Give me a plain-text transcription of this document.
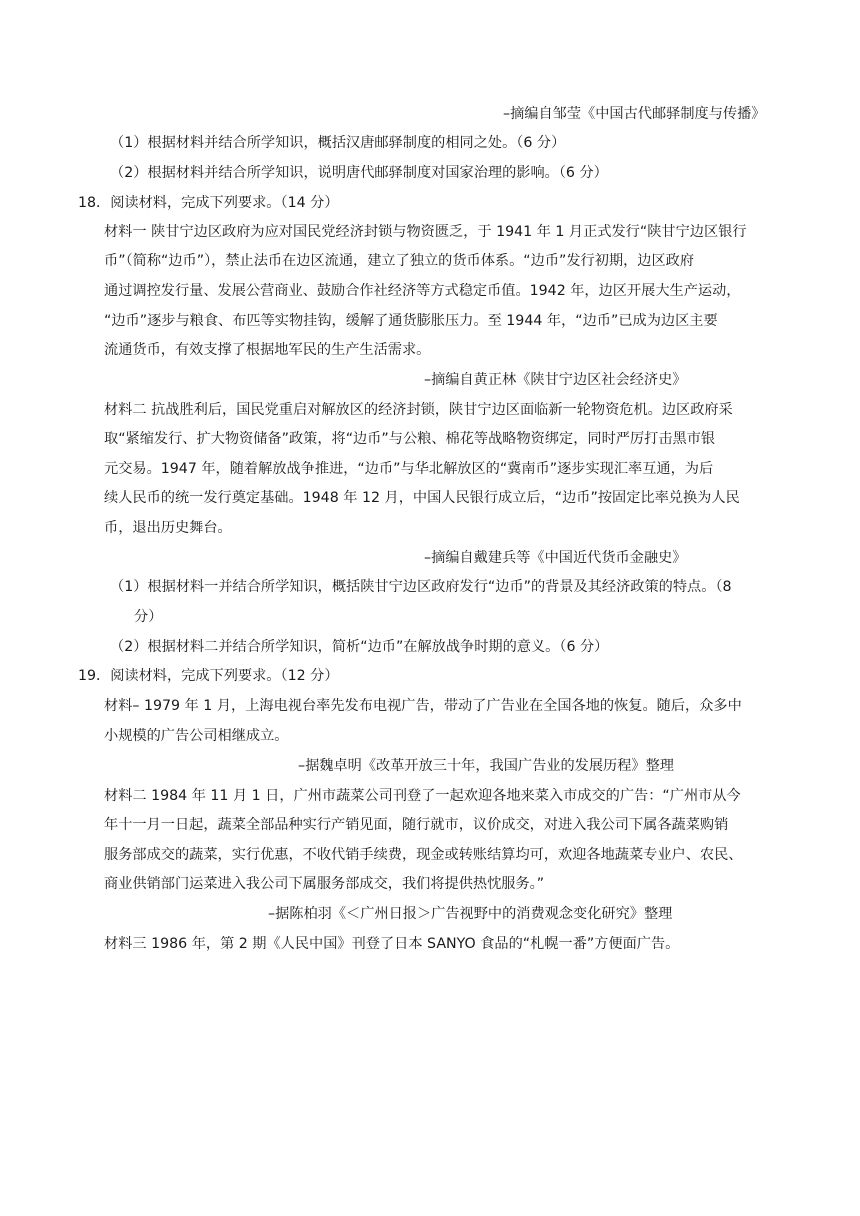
–摘编自邹莹《中国古代邮驿制度与传播》
（1）根据材料并结合所学知识，概括汉唐邮驿制度的相同之处。（6 分）
（2）根据材料并结合所学知识，说明唐代邮驿制度对国家治理的影响。（6 分）
18．阅读材料，完成下列要求。（14 分）
材料一 陕甘宁边区政府为应对国民党经济封锁与物资匮乏，于 1941 年 1 月正式发行“陕甘宁边区银行
币”（简称“边币”），禁止法币在边区流通，建立了独立的货币体系。“边币”发行初期，边区政府
通过调控发行量、发展公营商业、鼓励合作社经济等方式稳定币值。1942 年，边区开展大生产运动，
“边币”逐步与粮食、布匹等实物挂钩，缓解了通货膨胀压力。至 1944 年，“边币”已成为边区主要
流通货币，有效支撑了根据地军民的生产生活需求。
–摘编自黄正林《陕甘宁边区社会经济史》
材料二 抗战胜利后，国民党重启对解放区的经济封锁，陕甘宁边区面临新一轮物资危机。边区政府采
取“紧缩发行、扩大物资储备”政策，将“边币”与公粮、棉花等战略物资绑定，同时严厉打击黑市银
元交易。1947 年，随着解放战争推进，“边币”与华北解放区的“冀南币”逐步实现汇率互通，为后
续人民币的统一发行奠定基础。1948 年 12 月，中国人民银行成立后，“边币”按固定比率兑换为人民
币，退出历史舞台。
–摘编自戴建兵等《中国近代货币金融史》
（1）根据材料一并结合所学知识，概括陕甘宁边区政府发行“边币”的背景及其经济政策的特点。（8
分）
（2）根据材料二并结合所学知识，简析“边币”在解放战争时期的意义。（6 分）
19．阅读材料，完成下列要求。（12 分）
材料– 1979 年 1 月，上海电视台率先发布电视广告，带动了广告业在全国各地的恢复。随后，众多中
小规模的广告公司相继成立。
–据魏卓明《改革开放三十年，我国广告业的发展历程》整理
材料二 1984 年 11 月 1 日，广州市蔬菜公司刊登了一起欢迎各地来菜入市成交的广告：“广州市从今
年十一月一日起，蔬菜全部品种实行产销见面，随行就市，议价成交，对进入我公司下属各蔬菜购销
服务部成交的蔬菜，实行优惠，不收代销手续费，现金或转账结算均可，欢迎各地蔬菜专业户、农民、
商业供销部门运菜进入我公司下属服务部成交，我们将提供热忱服务。”
–据陈柏羽《＜广州日报＞广告视野中的消费观念变化研究》整理
材料三 1986 年，第 2 期《人民中国》刊登了日本 SANYO 食品的“札幌一番”方便面广告。
